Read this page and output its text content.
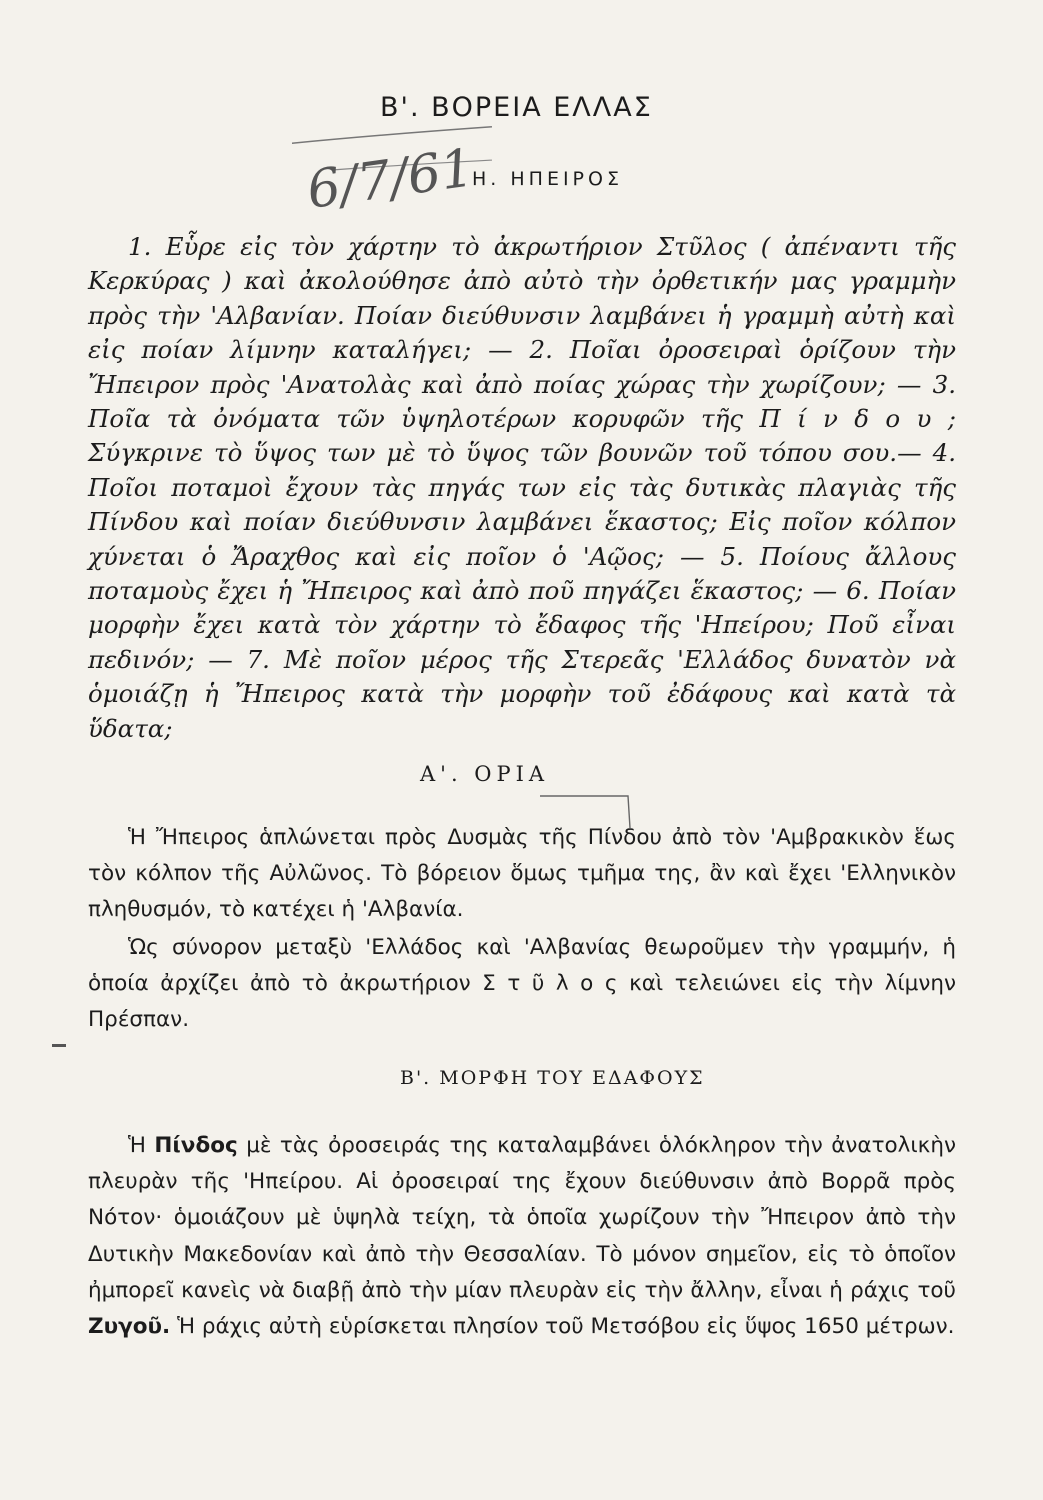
Β'. ΒΟΡΕΙΑ ΕΛΛΑΣ
6/7/61
Η. ΗΠΕΙΡΟΣ
1. Εὗρε εἰς τὸν χάρτην τὸ ἀκρωτήριον Στῦλος ( ἀπέναντι τῆς Κερκύρας ) καὶ ἀκολούθησε ἀπὸ αὐτὸ τὴν ὀρθετικήν μας γραμμὴν πρὸς τὴν 'Αλβανίαν. Ποίαν διεύθυνσιν λαμβάνει ἡ γραμμὴ αὐτὴ καὶ εἰς ποίαν λίμνην καταλήγει; — 2. Ποῖαι ὀροσειραὶ ὁρίζουν τὴν Ἤπειρον πρὸς 'Ανατολὰς καὶ ἀπὸ ποίας χώρας τὴν χωρίζουν; — 3. Ποῖα τὰ ὀνόματα τῶν ὑψηλοτέρων κορυφῶν τῆς Π ί ν δ ο υ ; Σύγκρινε τὸ ὕψος των μὲ τὸ ὕψος τῶν βουνῶν τοῦ τόπου σου.— 4. Ποῖοι ποταμοὶ ἔχουν τὰς πηγάς των εἰς τὰς δυτικὰς πλαγιὰς τῆς Πίνδου καὶ ποίαν διεύθυνσιν λαμβάνει ἕκαστος; Εἰς ποῖον κόλπον χύνεται ὁ Ἄραχθος καὶ εἰς ποῖον ὁ 'Αῷος; — 5. Ποίους ἄλλους ποταμοὺς ἔχει ἡ Ἤπειρος καὶ ἀπὸ ποῦ πηγάζει ἕκαστος; — 6. Ποίαν μορφὴν ἔχει κατὰ τὸν χάρτην τὸ ἔδαφος τῆς 'Ηπείρου; Ποῦ εἶναι πεδινόν; — 7. Μὲ ποῖον μέρος τῆς Στερεᾶς 'Ελλάδος δυνατὸν νὰ ὁμοιάζῃ ἡ Ἤπειρος κατὰ τὴν μορφὴν τοῦ ἐδάφους καὶ κατὰ τὰ ὕδατα;
Α'. ΟΡΙΑ
Ἡ Ἤπειρος ἁπλώνεται πρὸς Δυσμὰς τῆς Πίνδου ἀπὸ τὸν 'Αμβρακικὸν ἕως τὸν κόλπον τῆς Αὐλῶνος. Τὸ βόρειον ὅμως τμῆμα της, ἂν καὶ ἔχει 'Ελληνικὸν πληθυσμόν, τὸ κατέχει ἡ 'Αλβανία.
Ὡς σύνορον μεταξὺ 'Ελλάδος καὶ 'Αλβανίας θεωροῦμεν τὴν γραμμήν, ἡ ὁποία ἀρχίζει ἀπὸ τὸ ἀκρωτήριον Σ τ ῦ λ ο ς καὶ τελειώνει εἰς τὴν λίμνην Πρέσπαν.
Β'. ΜΟΡΦΗ ΤΟΥ ΕΔΑΦΟΥΣ
Ἡ Πίνδος μὲ τὰς ὀροσειράς της καταλαμβάνει ὁλόκληρον τὴν ἀνατολικὴν πλευρὰν τῆς 'Ηπείρου. Αἱ ὀροσειραί της ἔχουν διεύθυνσιν ἀπὸ Βορρᾶ πρὸς Νότον· ὁμοιάζουν μὲ ὑψηλὰ τείχη, τὰ ὁποῖα χωρίζουν τὴν Ἤπειρον ἀπὸ τὴν Δυτικὴν Μακεδονίαν καὶ ἀπὸ τὴν Θεσσαλίαν. Τὸ μόνον σημεῖον, εἰς τὸ ὁποῖον ἠμπορεῖ κανεὶς νὰ διαβῇ ἀπὸ τὴν μίαν πλευρὰν εἰς τὴν ἄλλην, εἶναι ἡ ράχις τοῦ Ζυγοῦ. Ἡ ράχις αὐτὴ εὑρίσκεται πλησίον τοῦ Μετσόβου εἰς ὕψος 1650 μέτρων.
